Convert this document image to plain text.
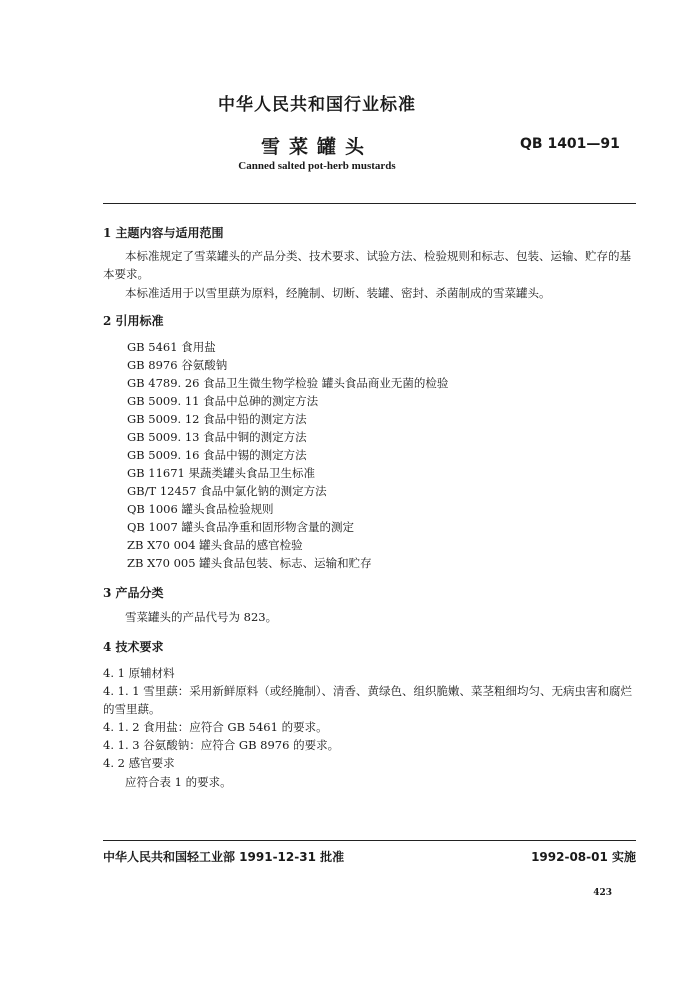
中华人民共和国行业标准
雪菜罐头	QB 1401—91
Canned salted pot-herb mustards
1 主题内容与适用范围
本标准规定了雪菜罐头的产品分类、技术要求、试验方法、检验规则和标志、包装、运输、贮存的基本要求。
本标准适用于以雪里蕻为原料，经腌制、切断、装罐、密封、杀菌制成的雪菜罐头。
2 引用标准
GB 5461 食用盐
GB 8976 谷氨酸钠
GB 4789. 26 食品卫生微生物学检验 罐头食品商业无菌的检验
GB 5009. 11 食品中总砷的测定方法
GB 5009. 12 食品中铅的测定方法
GB 5009. 13 食品中铜的测定方法
GB 5009. 16 食品中锡的测定方法
GB 11671 果蔬类罐头食品卫生标准
GB/T 12457 食品中氯化钠的测定方法
QB 1006 罐头食品检验规则
QB 1007 罐头食品净重和固形物含量的测定
ZB X70 004 罐头食品的感官检验
ZB X70 005 罐头食品包装、标志、运输和贮存
3 产品分类
雪菜罐头的产品代号为 823。
4 技术要求
4. 1 原辅材料
4. 1. 1 雪里蕻：采用新鲜原料（或经腌制）、清香、黄绿色、组织脆嫩、菜茎粗细均匀、无病虫害和腐烂的雪里蕻。
4. 1. 2 食用盐：应符合 GB 5461 的要求。
4. 1. 3 谷氨酸钠：应符合 GB 8976 的要求。
4. 2 感官要求
应符合表 1 的要求。
中华人民共和国轻工业部 1991-12-31 批准	1992-08-01 实施
423
